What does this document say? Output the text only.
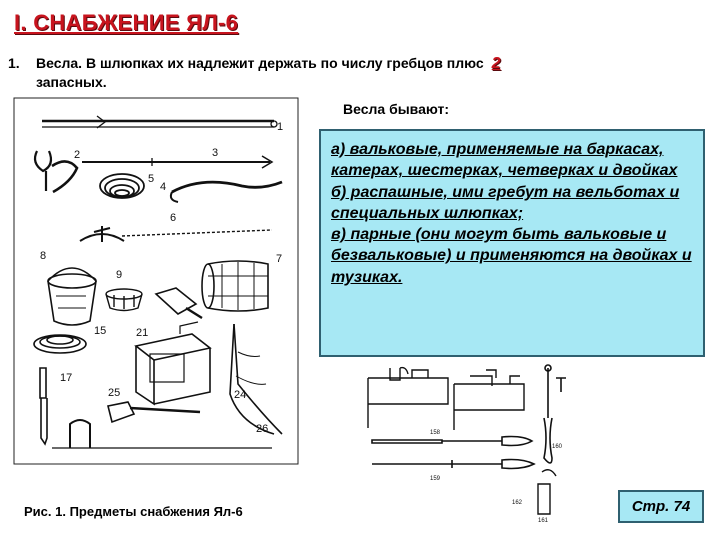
I. СНАБЖЕНИЕ ЯЛ-6
1. Весла. В шлюпках их надлежит держать по числу гребцов плюс 2
запасных.
1
2	3
4
5
6
8
9
7
15	21
24
17
25
26
Весла бывают:

а) вальковые, применяемые на баркасах, катерах, шестерках, четверках и двойках

б) распашные, ими гребут на вельботах и специальных шлюпках;

в) парные (они могут быть вальковые и безвальковые) и применяются на двойках и тузиках.

160
158
159
161
162
Рис. 1. Предметы снабжения Ял-6	Стр. 74
